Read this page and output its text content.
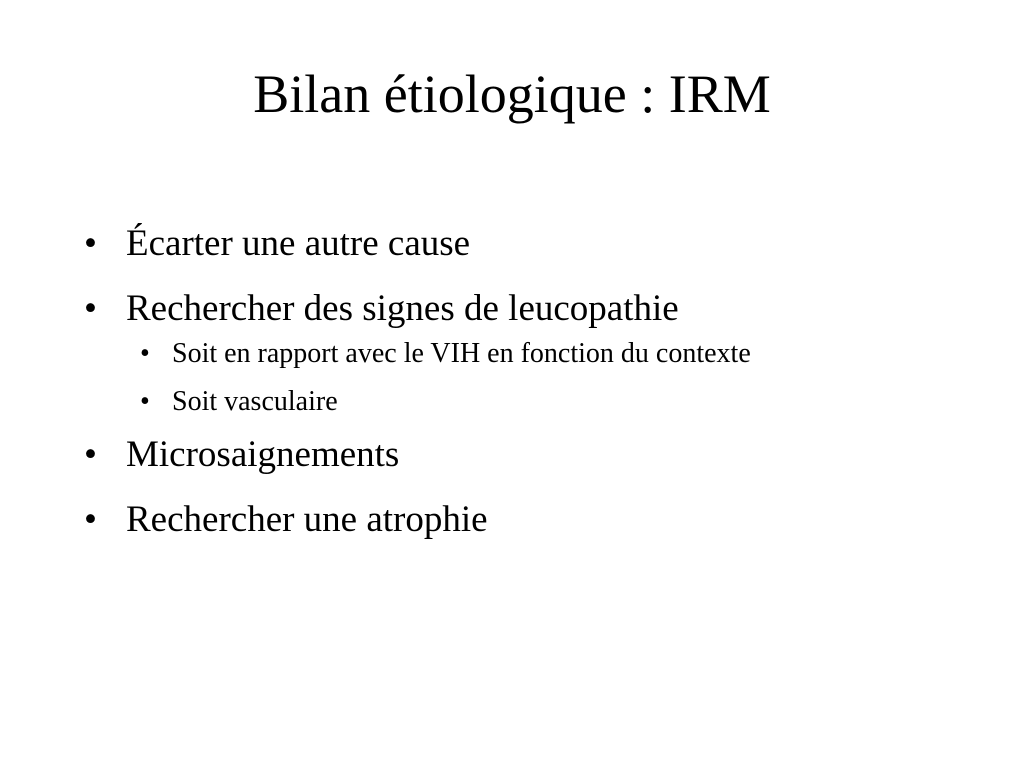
Bilan étiologique : IRM
• Écarter une autre cause
• Rechercher des signes de leucopathie
• Soit en rapport avec le VIH en fonction du contexte
• Soit vasculaire
• Microsaignements
• Rechercher une atrophie
